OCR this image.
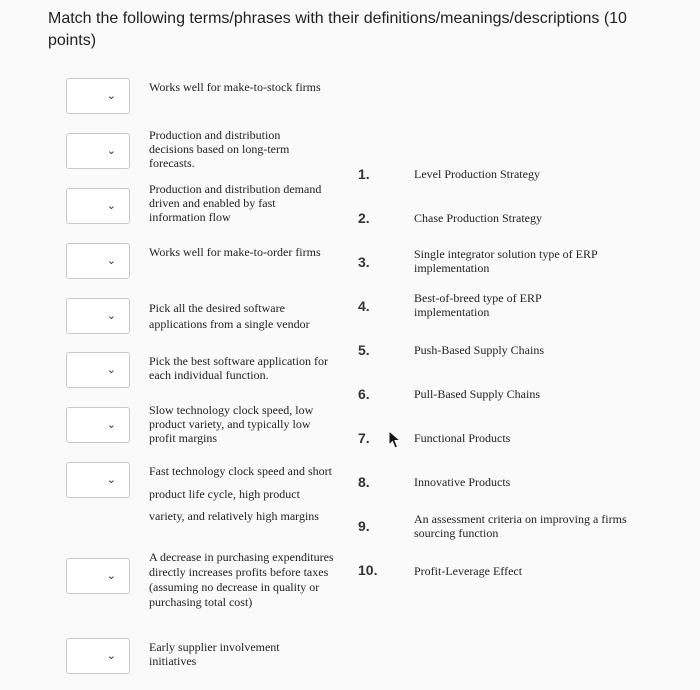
Match the following terms/phrases with their definitions/meanings/descriptions (10 points)
⌄
Works well for make-to-stock firms
⌄
Production and distribution decisions based on long-term forecasts.
⌄
Production and distribution demand driven and enabled by fast information flow
⌄
Works well for make-to-order firms
⌄
Pick all the desired software applications from a single vendor
⌄
Pick the best software application for each individual function.
⌄
Slow technology clock speed, low product variety, and typically low profit margins
⌄
Fast technology clock speed and short product life cycle, high product variety, and relatively high margins
⌄
A decrease in purchasing expenditures directly increases profits before taxes (assuming no decrease in quality or purchasing total cost)
⌄
Early supplier involvement initiatives
1.	Level Production Strategy
2.	Chase Production Strategy
3.	Single integrator solution type of ERP implementation
4.	Best-of-breed type of ERP implementation
5.	Push-Based Supply Chains
6.	Pull-Based Supply Chains
7.	Functional Products
8.	Innovative Products
9.	An assessment criteria on improving a firms sourcing function
10.	Profit-Leverage Effect
